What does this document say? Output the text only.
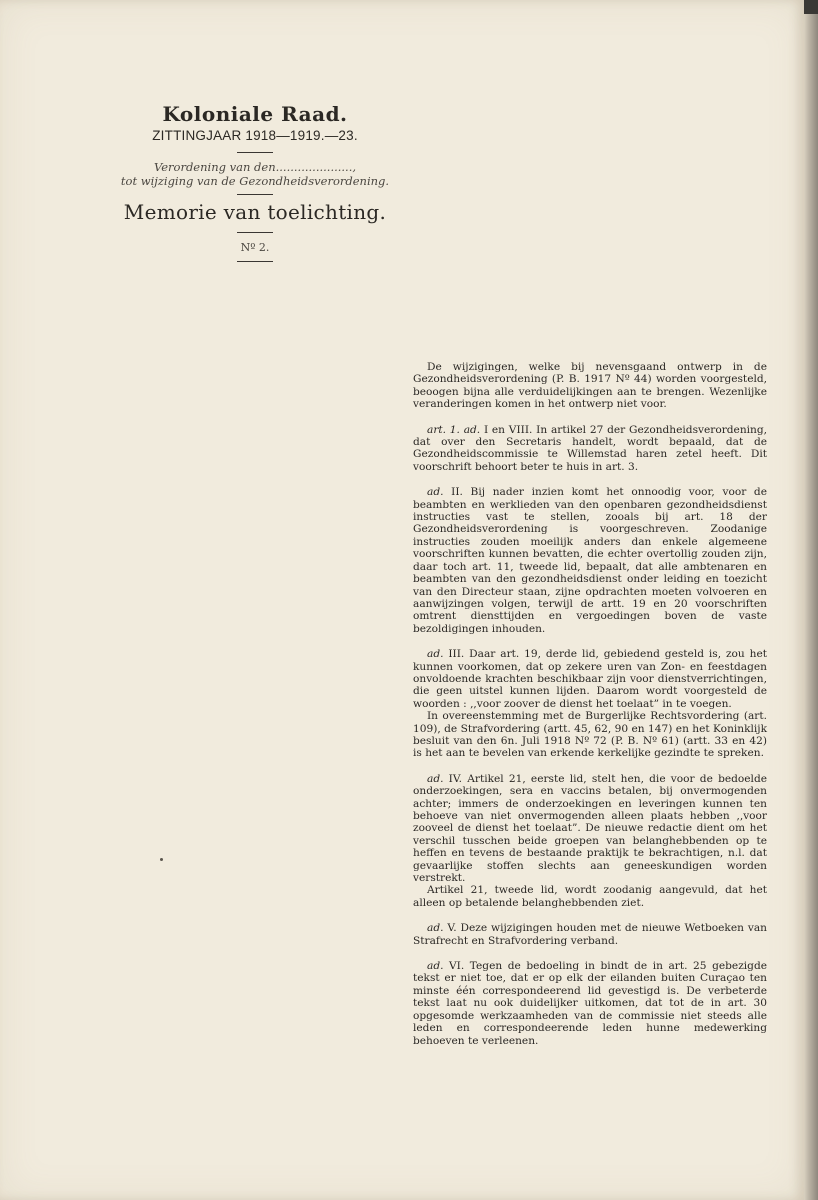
Koloniale Raad.
ZITTINGJAAR 1918—1919.—23.
Verordening van den.....................,
tot wijziging van de Gezondheidsverordening.
Memorie van toelichting.
Nº 2.

De wijzigingen, welke bij nevensgaand ontwerp in de Gezondheidsverordening (P. B. 1917 Nº 44) worden voorgesteld, beoogen bijna alle verduidelijkingen aan te brengen. Wezenlijke veranderingen komen in het ontwerp niet voor.

art. 1. ad. I en VIII. In artikel 27 der Gezondheidsverordening, dat over den Secretaris handelt, wordt bepaald, dat de Gezondheidscommissie te Willemstad haren zetel heeft. Dit voorschrift behoort beter te huis in art. 3.

ad. II. Bij nader inzien komt het onnoodig voor, voor de beambten en werklieden van den openbaren gezondheidsdienst instructies vast te stellen, zooals bij art. 18 der Gezondheidsverordening is voorgeschreven. Zoodanige instructies zouden moeilijk anders dan enkele algemeene voorschriften kunnen bevatten, die echter overtollig zouden zijn, daar toch art. 11, tweede lid, bepaalt, dat alle ambtenaren en beambten van den gezondheidsdienst onder leiding en toezicht van den Directeur staan, zijne opdrachten moeten volvoeren en aanwijzingen volgen, terwijl de artt. 19 en 20 voorschriften omtrent diensttijden en vergoedingen boven de vaste bezoldigingen inhouden.

ad. III. Daar art. 19, derde lid, gebiedend gesteld is, zou het kunnen voorkomen, dat op zekere uren van Zon- en feestdagen onvoldoende krachten beschikbaar zijn voor dienstverrichtingen, die geen uitstel kunnen lijden. Daarom wordt voorgesteld de woorden : ,,voor zoover de dienst het toelaat” in te voegen.

In overeenstemming met de Burgerlijke Rechtsvordering (art. 109), de Strafvordering (artt. 45, 62, 90 en 147) en het Koninklijk besluit van den 6n. Juli 1918 Nº 72 (P. B. Nº 61) (artt. 33 en 42) is het aan te bevelen van erkende kerkelijke gezindte te spreken.

ad. IV. Artikel 21, eerste lid, stelt hen, die voor de bedoelde onderzoekingen, sera en vaccins betalen, bij onvermogenden achter; immers de onderzoekingen en leveringen kunnen ten behoeve van niet onvermogenden alleen plaats hebben ,,voor zooveel de dienst het toelaat”. De nieuwe redactie dient om het verschil tusschen beide groepen van belanghebbenden op te heffen en tevens de bestaande praktijk te bekrachtigen, n.l. dat gevaarlijke stoffen slechts aan geneeskundigen worden verstrekt.

Artikel 21, tweede lid, wordt zoodanig aangevuld, dat het alleen op betalende belanghebbenden ziet.

ad. V. Deze wijzigingen houden met de nieuwe Wetboeken van Strafrecht en Strafvordering verband.

ad. VI. Tegen de bedoeling in bindt de in art. 25 gebezigde tekst er niet toe, dat er op elk der eilanden buiten Curaçao ten minste één correspondeerend lid gevestigd is. De verbeterde tekst laat nu ook duidelijker uitkomen, dat tot de in art. 30 opgesomde werkzaamheden van de commissie niet steeds alle leden en correspondeerende leden hunne medewerking behoeven te verleenen.
